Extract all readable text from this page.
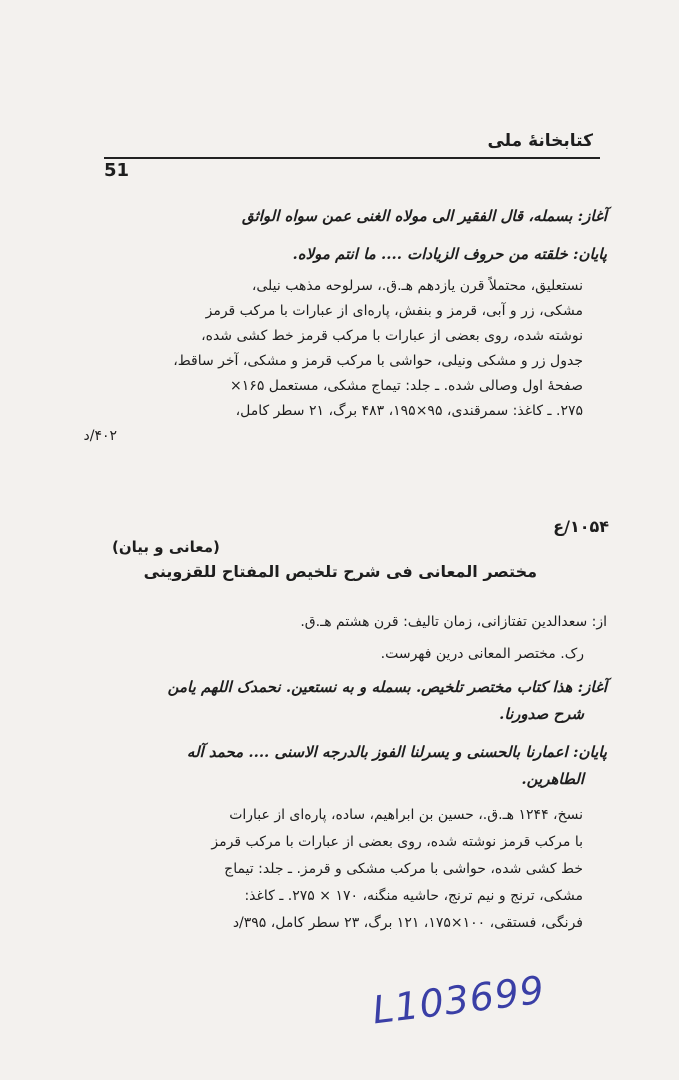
کتابخانهٔ ملی
51
آغاز: بسمله، قال الفقیر الی مولاه الغنی عمن سواه الواثق
پایان: خلقته من حروف الزیادات .... ما انتم مولاه.
نستعلیق، محتملاً قرن یازدهم هـ.ق.، سرلوحه مذهب نیلی،
مشکی، زر و آبی، قرمز و بنفش، پاره‌ای از عبارات با مرکب قرمز
نوشته شده، روی بعضی از عبارات با مرکب قرمز خط کشی شده،
جدول زر و مشکی ونیلی، حواشی با مرکب قرمز و مشکی، آخر ساقط،
صفحهٔ اول وصالی شده. ـ جلد: تیماج مشکی، مستعمل ۱۶۵×
۲۷۵. ـ کاغذ: سمرقندی، ۹۵×۱۹۵، ۴۸۳ برگ، ۲۱ سطر کامل،
۴۰۲/د
۱۰۵۴/ع
(معانی و بیان)
مختصر المعانی فی شرح تلخیص المفتاح للقزوینی
از: سعدالدین تفتازانی، زمان تالیف: قرن هشتم هـ.ق.
رک. مختصر المعانی درین فهرست.
آغاز: هذا کتاب مختصر تلخیص. بسمله و به نستعین. نحمدک اللهم یامن
شرح صدورنا.
پایان: اعمارنا بالحسنی و یسرلنا الفوز بالدرجه الاسنی .... محمد آله
الطاهرین.
نسخ، ۱۲۴۴ هـ.ق.، حسین بن ابراهیم، ساده، پاره‌ای از عبارات
با مرکب قرمز نوشته شده، روی بعضی از عبارات با مرکب قرمز
خط کشی شده، حواشی با مرکب مشکی و قرمز. ـ جلد: تیماج
مشکی، ترنج و نیم ترنج، حاشیه منگنه، ۱۷۰ × ۲۷۵. ـ کاغذ:
فرنگی، فستقی، ۱۰۰×۱۷۵، ۱۲۱ برگ، ۲۳ سطر کامل، ۳۹۵/د
L103699
